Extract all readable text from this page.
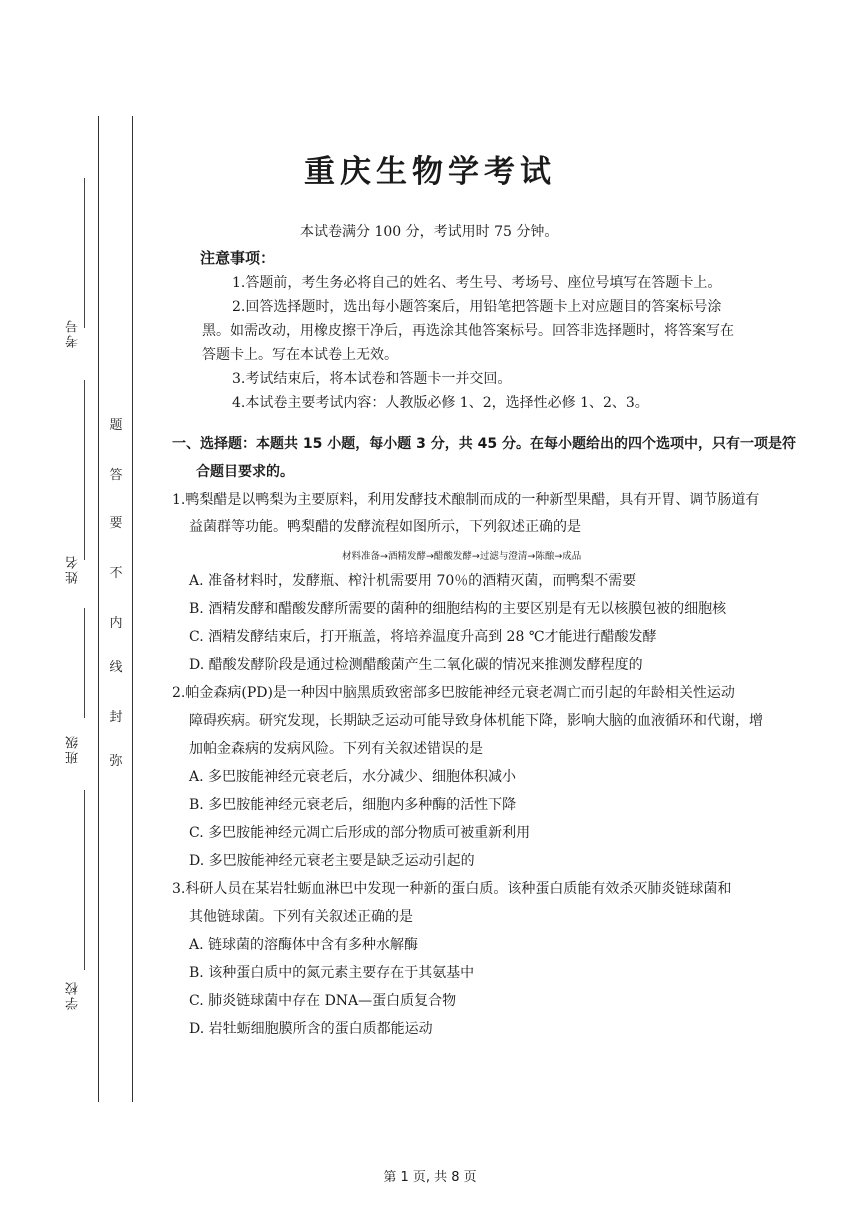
考号
姓名
班级
学校
弥
封
线
内
不
要
答
题
重庆生物学考试
本试卷满分 100 分，考试用时 75 分钟。
注意事项：
1.答题前，考生务必将自己的姓名、考生号、考场号、座位号填写在答题卡上。
2.回答选择题时，选出每小题答案后，用铅笔把答题卡上对应题目的答案标号涂
黑。如需改动，用橡皮擦干净后，再选涂其他答案标号。回答非选择题时，将答案写在
答题卡上。写在本试卷上无效。
3.考试结束后，将本试卷和答题卡一并交回。
4.本试卷主要考试内容：人教版必修 1、2，选择性必修 1、2、3。
一、选择题：本题共 15 小题，每小题 3 分，共 45 分。在每小题给出的四个选项中，只有一项是符
合题目要求的。
1.鸭梨醋是以鸭梨为主要原料，利用发酵技术酿制而成的一种新型果醋，具有开胃、调节肠道有
益菌群等功能。鸭梨醋的发酵流程如图所示，下列叙述正确的是
材料准备→酒精发酵→醋酸发酵→过滤与澄清→陈酿→成品
A. 准备材料时，发酵瓶、榨汁机需要用 70％的酒精灭菌，而鸭梨不需要
B. 酒精发酵和醋酸发酵所需要的菌种的细胞结构的主要区别是有无以核膜包被的细胞核
C. 酒精发酵结束后，打开瓶盖，将培养温度升高到 28 ℃才能进行醋酸发酵
D. 醋酸发酵阶段是通过检测醋酸菌产生二氧化碳的情况来推测发酵程度的
2.帕金森病(PD)是一种因中脑黑质致密部多巴胺能神经元衰老凋亡而引起的年龄相关性运动
障碍疾病。研究发现，长期缺乏运动可能导致身体机能下降，影响大脑的血液循环和代谢，增
加帕金森病的发病风险。下列有关叙述错误的是
A. 多巴胺能神经元衰老后，水分减少、细胞体积减小
B. 多巴胺能神经元衰老后，细胞内多种酶的活性下降
C. 多巴胺能神经元凋亡后形成的部分物质可被重新利用
D. 多巴胺能神经元衰老主要是缺乏运动引起的
3.科研人员在某岩牡蛎血淋巴中发现一种新的蛋白质。该种蛋白质能有效杀灭肺炎链球菌和
其他链球菌。下列有关叙述正确的是
A. 链球菌的溶酶体中含有多种水解酶
B. 该种蛋白质中的氮元素主要存在于其氨基中
C. 肺炎链球菌中存在 DNA—蛋白质复合物
D. 岩牡蛎细胞膜所含的蛋白质都能运动
第 1 页, 共 8 页
